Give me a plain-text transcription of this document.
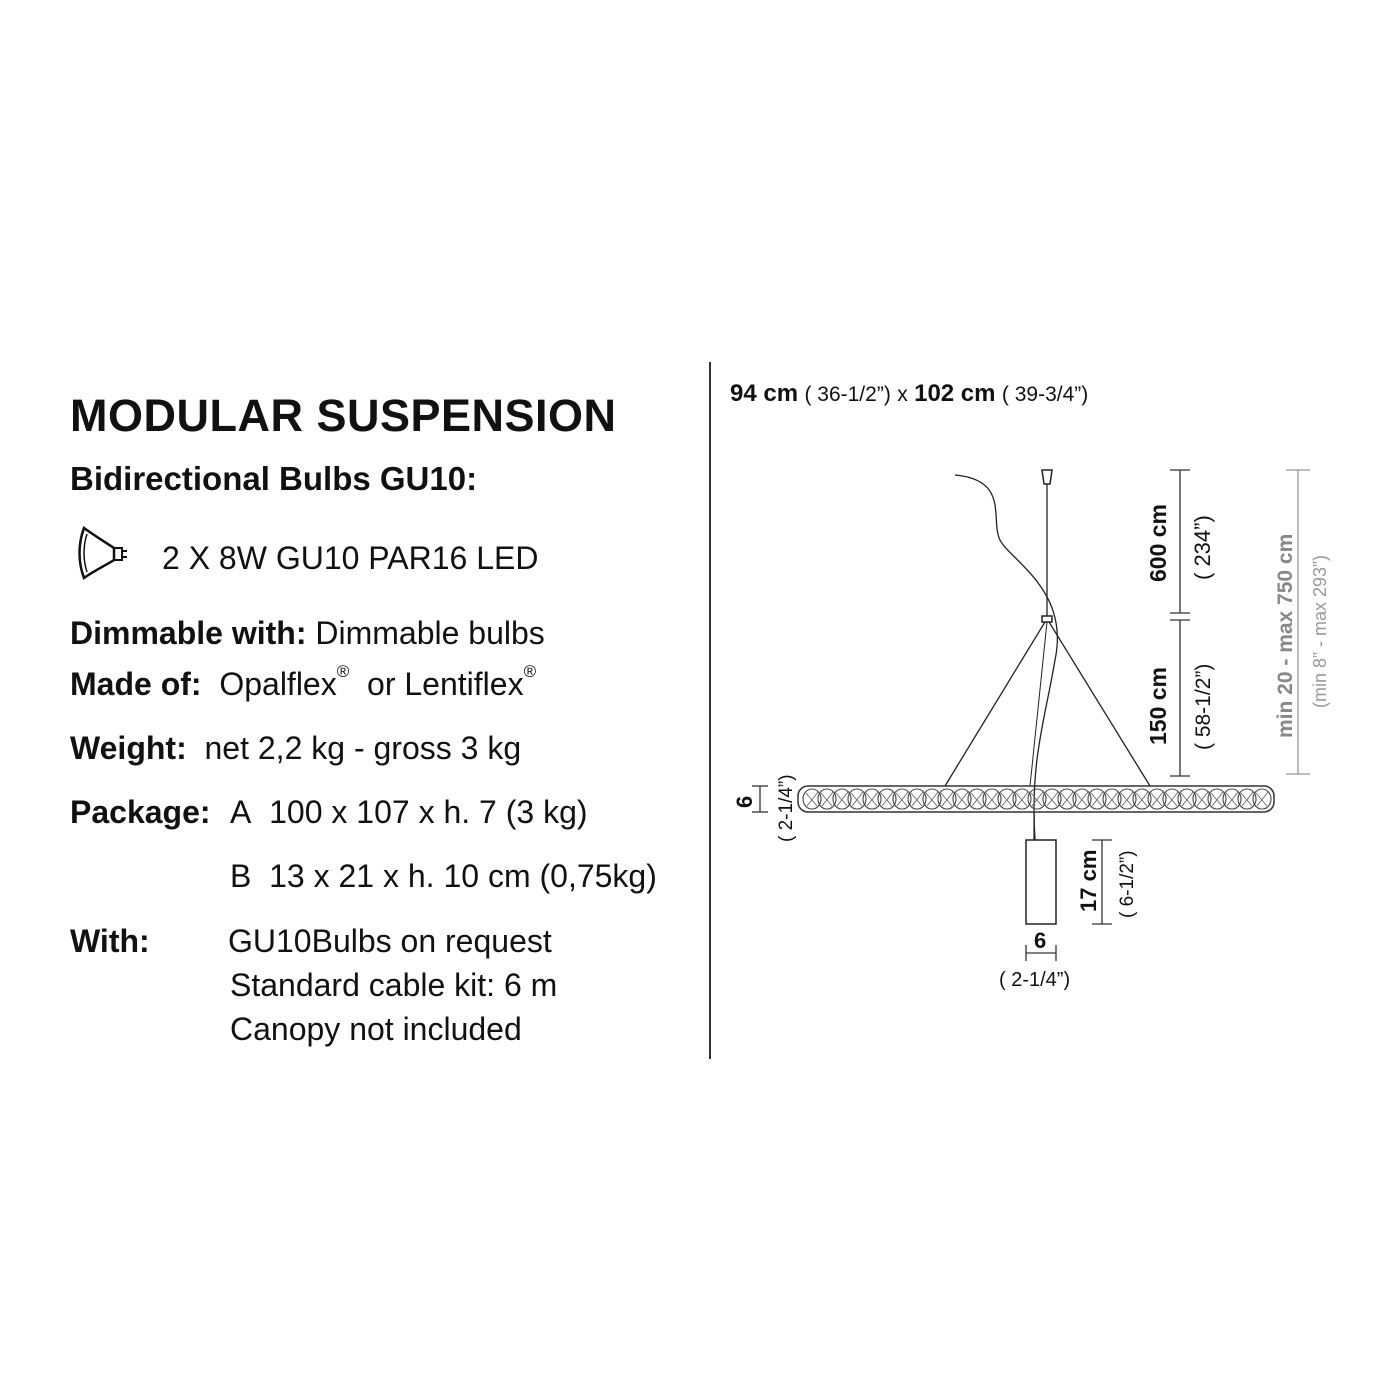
MODULAR SUSPENSION
Bidirectional Bulbs GU10:
2 X 8W GU10 PAR16 LED
Dimmable with: Dimmable bulbs
Made of: Opalflex® or Lentiflex®
Weight: net 2,2 kg - gross 3 kg
Package: A 100 x 107 x h. 7 (3 kg)
B 13 x 21 x h. 10 cm (0,75kg)
With: GU10Bulbs on request
Standard cable kit: 6 m
Canopy not included
94 cm ( 36-1/2”) x 102 cm ( 39-3/4”)
600 cm ( 234”)
150 cm ( 58-1/2”)	min 20 - max 750 cm (min 8” - max 293”)
6 ( 2-1/4”)
17 cm ( 6-1/2”)
6
( 2-1/4”)
